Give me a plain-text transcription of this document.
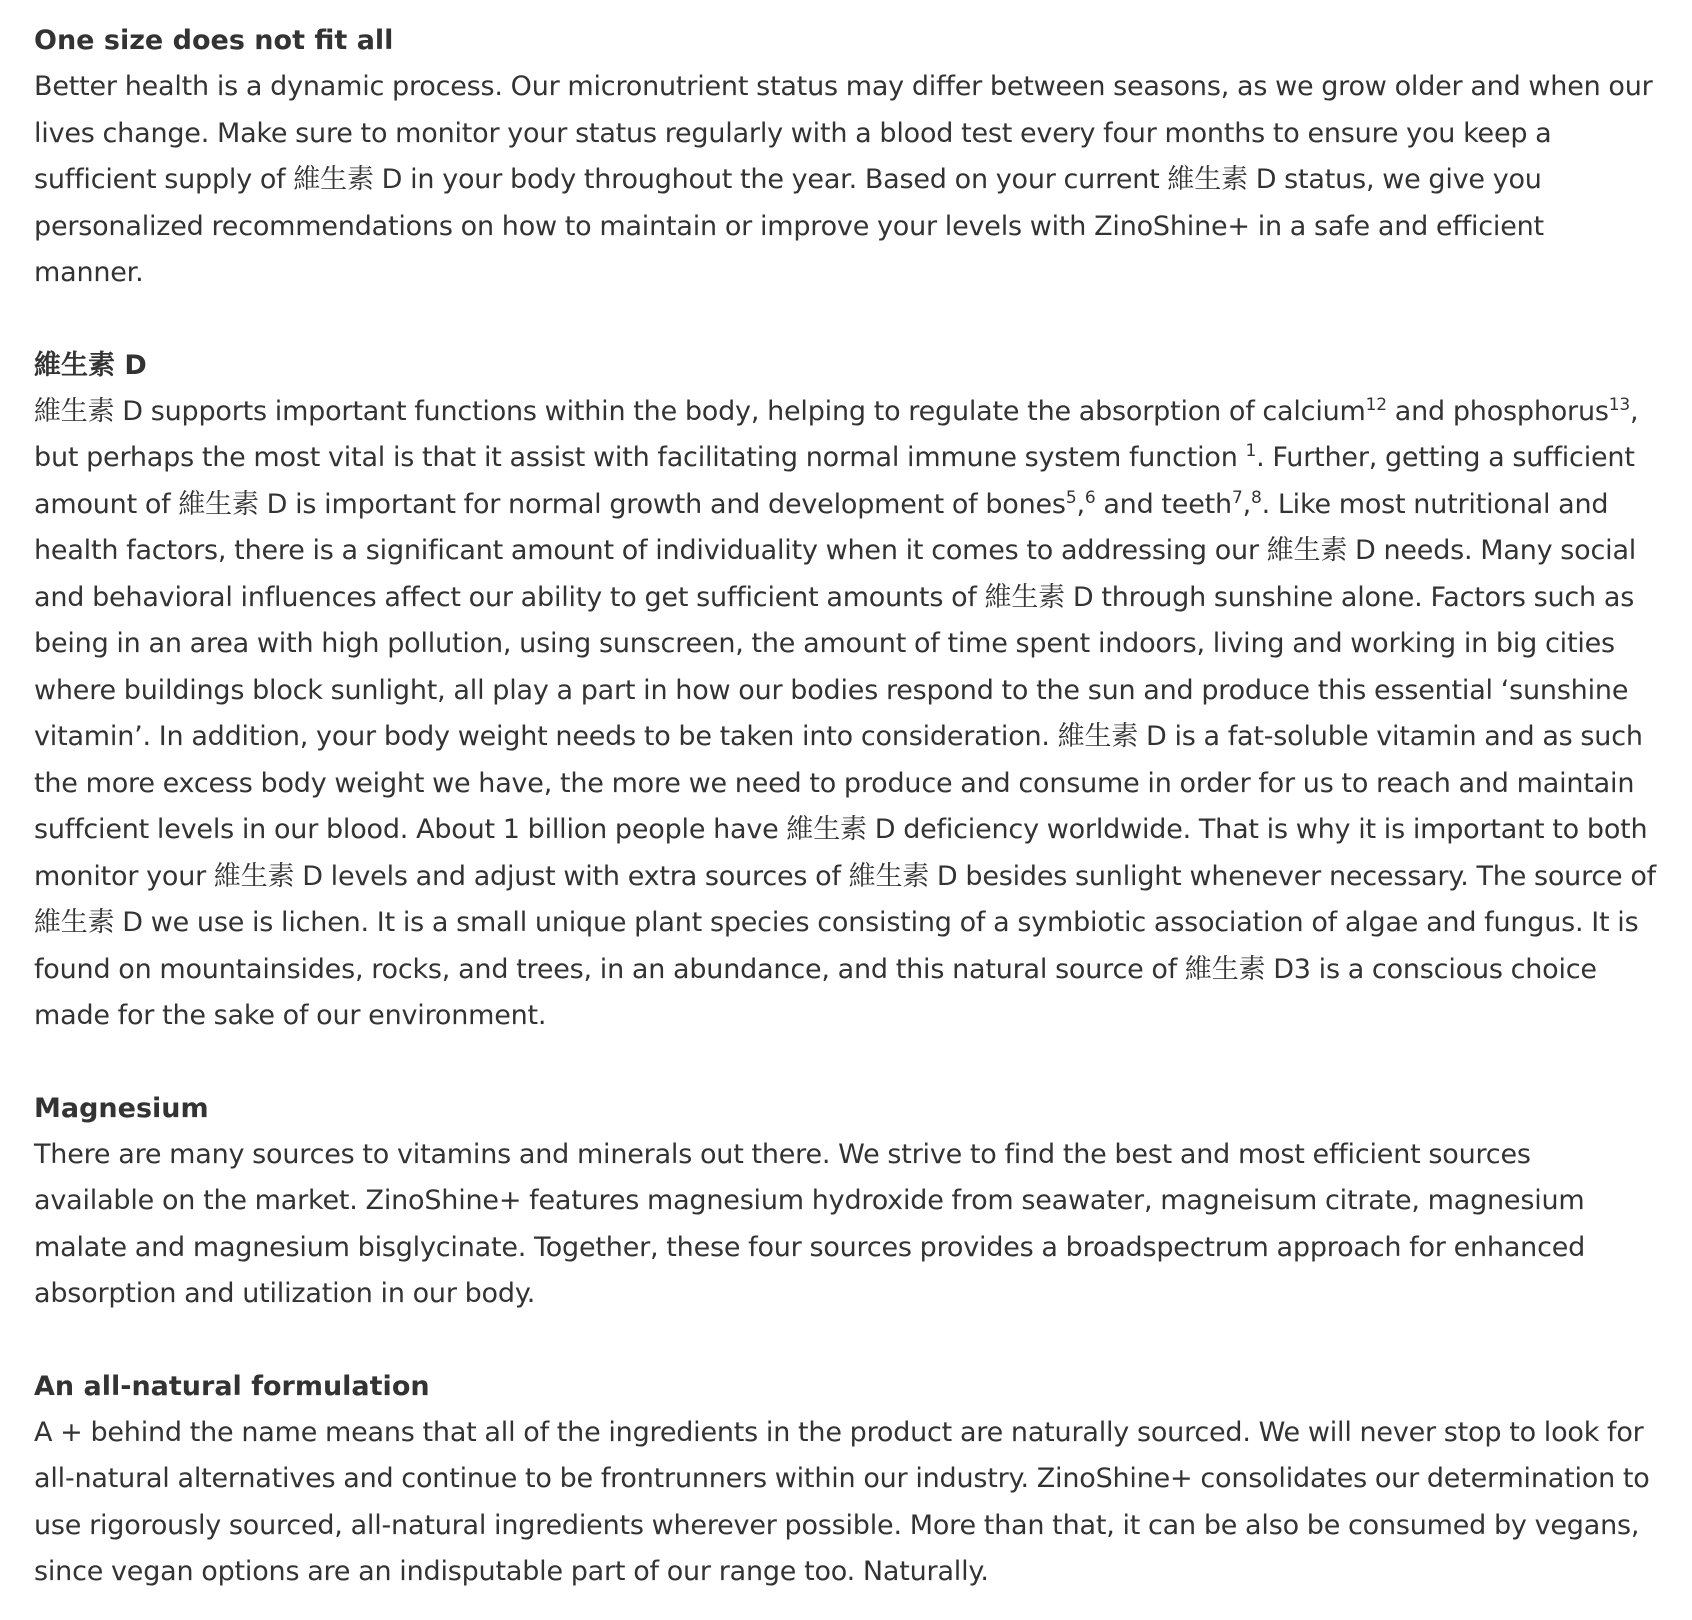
One size does not fit all

Better health is a dynamic process. Our micronutrient status may differ between seasons, as we grow older and when our lives change. Make sure to monitor your status regularly with a blood test every four months to ensure you keep a sufficient supply of 維生素 D in your body throughout the year. Based on your current 維生素 D status, we give you personalized recommendations on how to maintain or improve your levels with ZinoShine+ in a safe and efficient manner.

維生素 D

維生素 D supports important functions within the body, helping to regulate the absorption of calcium$^{12}$ and phosphorus$^{13}$, but perhaps the most vital is that it assist with facilitating normal immune system function $^1$. Further, getting a sufficient amount of 維生素 D is important for normal growth and development of bones$^5$,$^6$ and teeth$^7$,$^8$. Like most nutritional and health factors, there is a significant amount of individuality when it comes to addressing our 維生素 D needs. Many social and behavioral influences affect our ability to get sufficient amounts of 維生素 D through sunshine alone. Factors such as being in an area with high pollution, using sunscreen, the amount of time spent indoors, living and working in big cities where buildings block sunlight, all play a part in how our bodies respond to the sun and produce this essential ‘sunshine vitamin’. In addition, your body weight needs to be taken into consideration. 維生素 D is a fat-soluble vitamin and as such the more excess body weight we have, the more we need to produce and consume in order for us to reach and maintain suffcient levels in our blood. About 1 billion people have 維生素 D deficiency worldwide. That is why it is important to both monitor your 維生素 D levels and adjust with extra sources of 維生素 D besides sunlight whenever necessary. The source of 維生素 D we use is lichen. It is a small unique plant species consisting of a symbiotic association of algae and fungus. It is found on mountainsides, rocks, and trees, in an abundance, and this natural source of 維生素 D3 is a conscious choice made for the sake of our environment.

Magnesium

There are many sources to vitamins and minerals out there. We strive to find the best and most efficient sources available on the market. ZinoShine+ features magnesium hydroxide from seawater, magneisum citrate, magnesium malate and magnesium bisglycinate. Together, these four sources provides a broadspectrum approach for enhanced absorption and utilization in our body.

An all-natural formulation

A + behind the name means that all of the ingredients in the product are naturally sourced. We will never stop to look for all-natural alternatives and continue to be frontrunners within our industry. ZinoShine+ consolidates our determination to use rigorously sourced, all-natural ingredients wherever possible. More than that, it can be also be consumed by vegans, since vegan options are an indisputable part of our range too. Naturally.
